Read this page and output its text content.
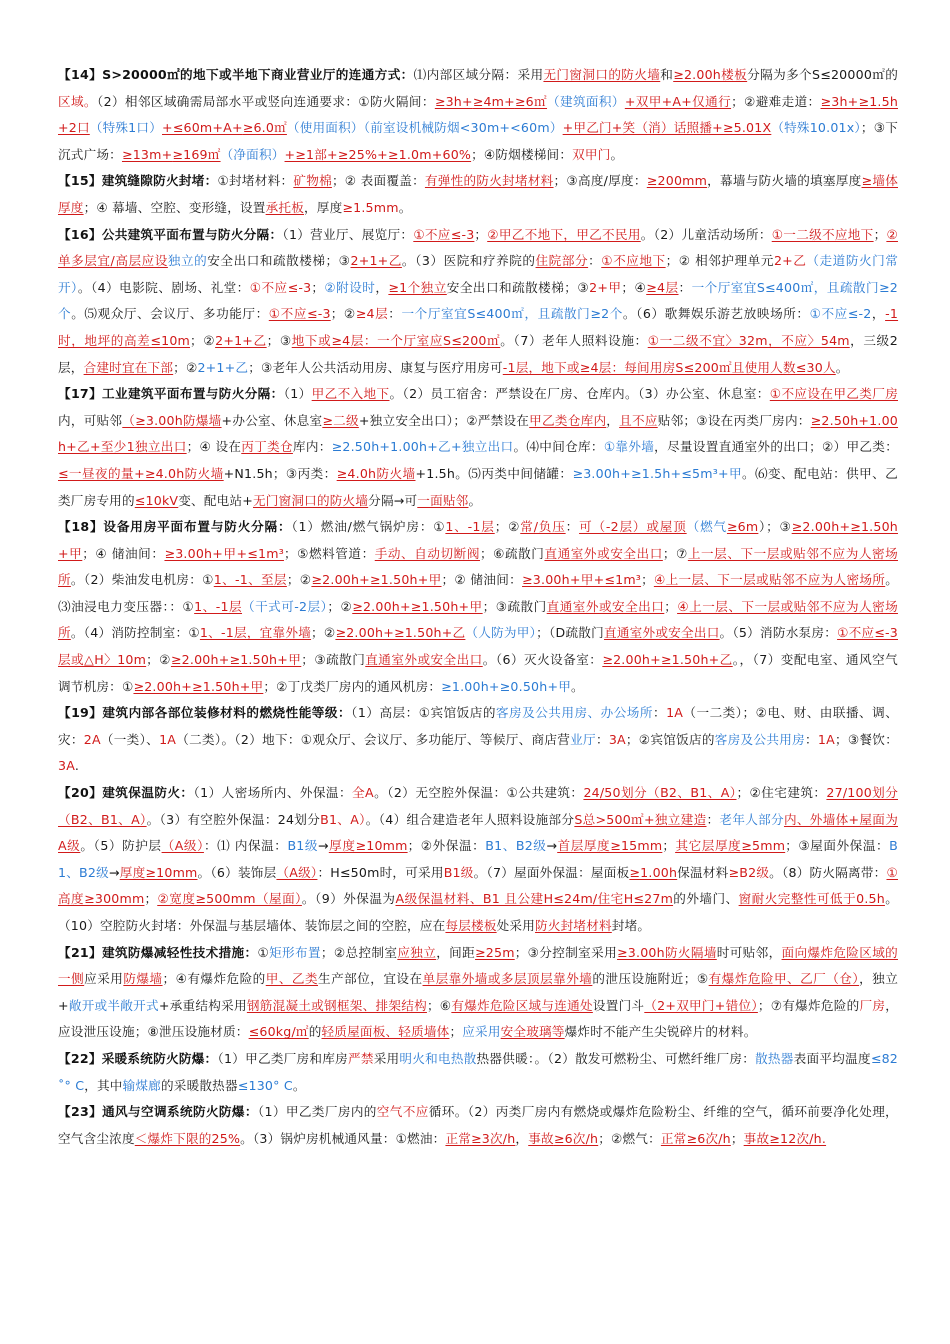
【14】S>20000㎡的地下或半地下商业营业厅的连通方式：⑴内部区域分隔：采用无门窗洞口的防火墙和≥2.00h楼板分隔为多个S≤20000㎡的区域。（2）相邻区域确需局部水平或竖向连通要求：①防火隔间：≥3h+≥4m+≥6㎡（建筑面积）+双甲+A+仅通行；②避难走道：≥3h+≥1.5h+2口（特殊1口）+≤60m+A+≥6.0㎡（使用面积）（前室设机械防烟<30m+<60m）+甲乙门+笑（消）话照播+≥5.01X（特殊10.01x）；③下沉式广场：≥13m+≥169㎡（净面积）+≥1部+≥25%+≥1.0m+60%；④防烟楼梯间：双甲门。

【15】建筑缝隙防火封堵：①封堵材料：矿物棉；② 表面覆盖：有弹性的防火封堵材料；③高度/厚度：≥200mm，幕墙与防火墙的填塞厚度≥墙体厚度；④ 幕墙、空腔、变形缝，设置承托板，厚度≥1.5mm。

【16】公共建筑平面布置与防火分隔：（1）营业厅、展览厅：①不应≤-3；②甲乙不地下，甲乙不民用。（2）儿童活动场所：①一二级不应地下；②单多层宜/高层应设独立的安全出口和疏散楼梯；③2+1+乙。（3）医院和疗养院的住院部分：①不应地下；② 相邻护理单元2+乙（走道防火门常开）。（4）电影院、剧场、礼堂：①不应≤-3；②附设时，≥1个独立安全出口和疏散楼梯；③2+甲；④≥4层：一个厅室宜S≤400㎡，且疏散门≥2个。⑸观众厅、会议厅、多功能厅：①不应≤-3；②≥4层：一个厅室宜S≤400㎡，且疏散门≥2个。（6）歌舞娱乐游艺放映场所：①不应≤-2，-1时，地坪的高差≤10m；②2+1+乙；③地下或≥4层：一个厅室应S≤200㎡。（7）老年人照料设施：①一二级不宜〉32m，不应〉54m，三级2层，合建时宜在下部；②2+1+乙；③老年人公共活动用房、康复与医疗用房可-1层，地下或≥4层：每间用房S≤200㎡且使用人数≤30人。

【17】工业建筑平面布置与防火分隔：（1）甲乙不入地下。（2）员工宿舍：严禁设在厂房、仓库内。（3）办公室、休息室：①不应设在甲乙类厂房内，可贴邻（≥3.00h防爆墙+办公室、休息室≥二级+独立安全出口）；②严禁设在甲乙类仓库内，且不应贴邻；③设在丙类厂房内：≥2.50h+1.00h+乙+至少1独立出口；④ 设在丙丁类仓库内：≥2.50h+1.00h+乙+独立出口。⑷中间仓库：①靠外墙，尽量设置直通室外的出口；②）甲乙类：≤一昼夜的量+≥4.0h防火墙+N1.5h；③丙类：≥4.0h防火墙+1.5h。⑸丙类中间储罐：≥3.00h+≥1.5h+≤5m³+甲。⑹变、配电站：供甲、乙类厂房专用的≤10kV变、配电站+无门窗洞口的防火墙分隔→可一面贴邻。

【18】设备用房平面布置与防火分隔：（1）燃油/燃气锅炉房：①1、-1层；②常/负压：可（-2层）或屋顶（燃气≥6m）；③≥2.00h+≥1.50h+甲；④ 储油间：≥3.00h+甲+≤1m³；⑤燃料管道：手动、自动切断阀；⑥疏散门直通室外或安全出口；⑦上一层、下一层或贴邻不应为人密场所。（2）柴油发电机房：①1、-1、至层；②≥2.00h+≥1.50h+甲；② 储油间：≥3.00h+甲+≤1m³；④上一层、下一层或贴邻不应为人密场所。⑶油浸电力变压器：：①1、-1层（干式可-2层）；②≥2.00h+≥1.50h+甲；③疏散门直通室外或安全出口；④上一层、下一层或贴邻不应为人密场所。（4）消防控制室：①1、-1层，宜靠外墙；②≥2.00h+≥1.50h+乙（人防为甲）；（D疏散门直通室外或安全出口。（5）消防水泵房：①不应≤-3层或△H〉10m；②≥2.00h+≥1.50h+甲；③疏散门直通室外或安全出口。（6）灭火设备室：≥2.00h+≥1.50h+乙。，（7）变配电室、通风空气调节机房：①≥2.00h+≥1.50h+甲；②丁戊类厂房内的通风机房：≥1.00h+≥0.50h+甲。

【19】建筑内部各部位装修材料的燃烧性能等级：（1）高层：①宾馆饭店的客房及公共用房、办公场所：1A（一二类）；②电、财、由联播、调、灾：2A（一类）、1A（二类）。（2）地下：①观众厅、会议厅、多功能厅、等候厅、商店营业厅：3A；②宾馆饭店的客房及公共用房：1A；③餐饮：3A.

【20】建筑保温防火：（1）人密场所内、外保温：全A。（2）无空腔外保温：①公共建筑：24/50划分（B2、B1、A）；②住宅建筑：27/100划分（B2、B1、A）。（3）有空腔外保温：24划分B1、A）。（4）组合建造老年人照料设施部分S总>500㎡+独立建造：老年人部分内、外墙体+屋面为A级。（5）防护层（A级）：⑴ 内保温：B1级→厚度≥10mm；②外保温：B1、B2级→首层厚度≥15mm；其它层厚度≥5mm；③屋面外保温：B1、B2级→厚度≥10mm。（6）装饰层（A级）：H≤50m时，可采用B1级。（7）屋面外保温：屋面板≥1.00h保温材料≥B2级。（8）防火隔离带：①高度≥300mm；②宽度≥500mm（屋面）。（9）外保温为A级保温材料、B1 且公建H≤24m/住宅H≤27m的外墙门、窗耐火完整性可低于0.5h。（10）空腔防火封堵：外保温与基层墙体、装饰层之间的空腔，应在每层楼板处采用防火封堵材料封堵。

【21】建筑防爆减轻性技术措施：①矩形布置；②总控制室应独立，间距≥25m；③分控制室采用≥3.00h防火隔墙时可贴邻，面向爆炸危险区域的一侧应采用防爆墙；④有爆炸危险的甲、乙类生产部位，宜设在单层靠外墙或多层顶层靠外墙的泄压设施附近；⑤有爆炸危险甲、乙厂（仓），独立+敞开或半敞开式+承重结构采用钢筋混凝土或钢框架、排架结构；⑥有爆炸危险区域与连通处设置门斗（2+双甲门+错位）；⑦有爆炸危险的厂房，应设泄压设施；⑧泄压设施材质：≤60kg/㎡的轻质屋面板、轻质墙体；应采用安全玻璃等爆炸时不能产生尖锐碎片的材料。

【22】采暖系统防火防爆：（1）甲乙类厂房和库房严禁采用明火和电热散热器供暖：。（2）散发可燃粉尘、可燃纤维厂房：散热器表面平均温度≤82˚° C，其中输煤廊的采暖散热器≤130° C。

【23】通风与空调系统防火防爆：（1）甲乙类厂房内的空气不应循环。（2）丙类厂房内有燃烧或爆炸危险粉尘、纤维的空气，循环前要净化处理，空气含尘浓度＜爆炸下限的25%。（3）锅炉房机械通风量：①燃油：正常≥3次/h，事故≥6次/h；②燃气：正常≥6次/h；事故≥12次/h.
